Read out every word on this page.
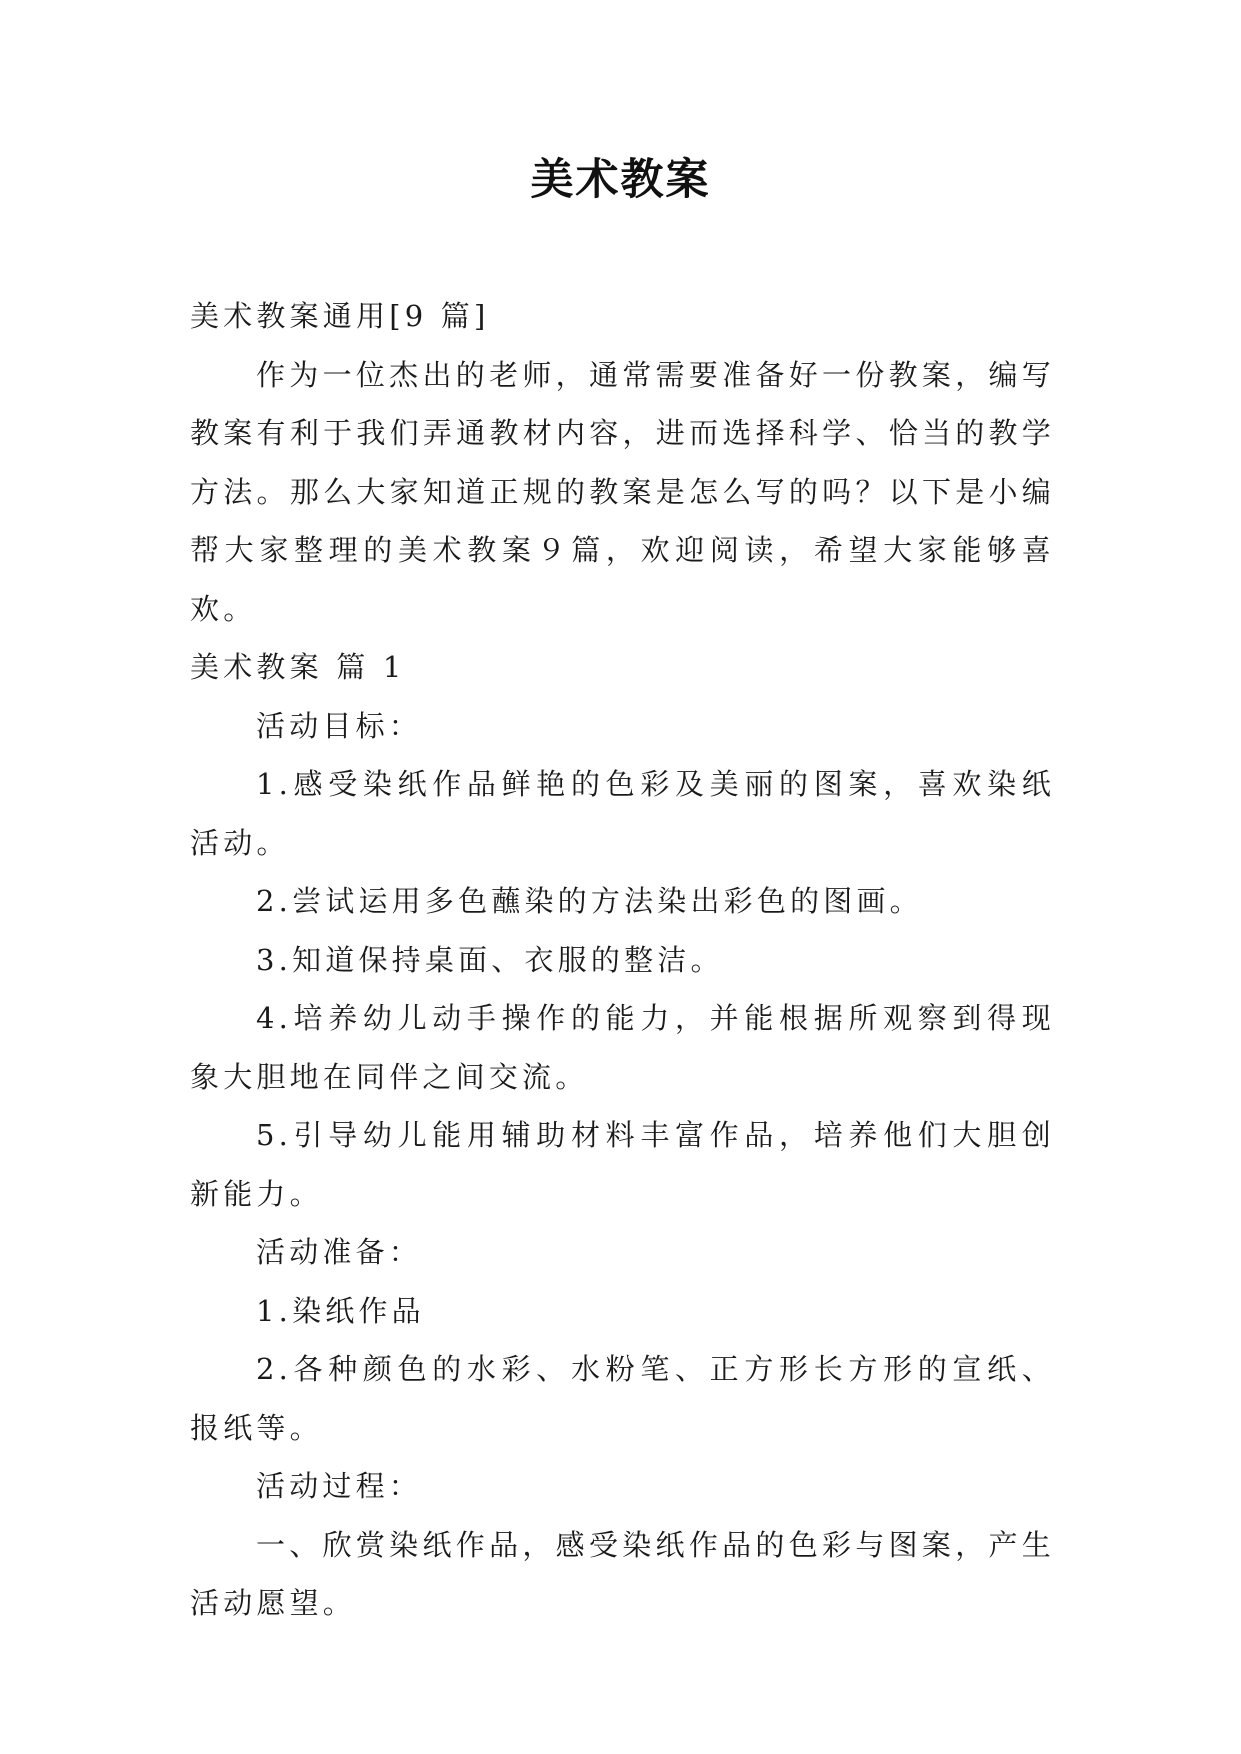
美术教案

美术教案通用[9 篇]

作为一位杰出的老师，通常需要准备好一份教案，编写教案有利于我们弄通教材内容，进而选择科学、恰当的教学方法。那么大家知道正规的教案是怎么写的吗？以下是小编帮大家整理的美术教案９篇，欢迎阅读，希望大家能够喜欢。

美术教案 篇 1

活动目标：

1.感受染纸作品鲜艳的色彩及美丽的图案，喜欢染纸活动。

2.尝试运用多色蘸染的方法染出彩色的图画。

3.知道保持桌面、衣服的整洁。

4.培养幼儿动手操作的能力，并能根据所观察到得现象大胆地在同伴之间交流。

5.引导幼儿能用辅助材料丰富作品，培养他们大胆创新能力。

活动准备：

1.染纸作品

2.各种颜色的水彩、水粉笔、正方形长方形的宣纸、报纸等。

活动过程：

一、欣赏染纸作品，感受染纸作品的色彩与图案，产生活动愿望。
